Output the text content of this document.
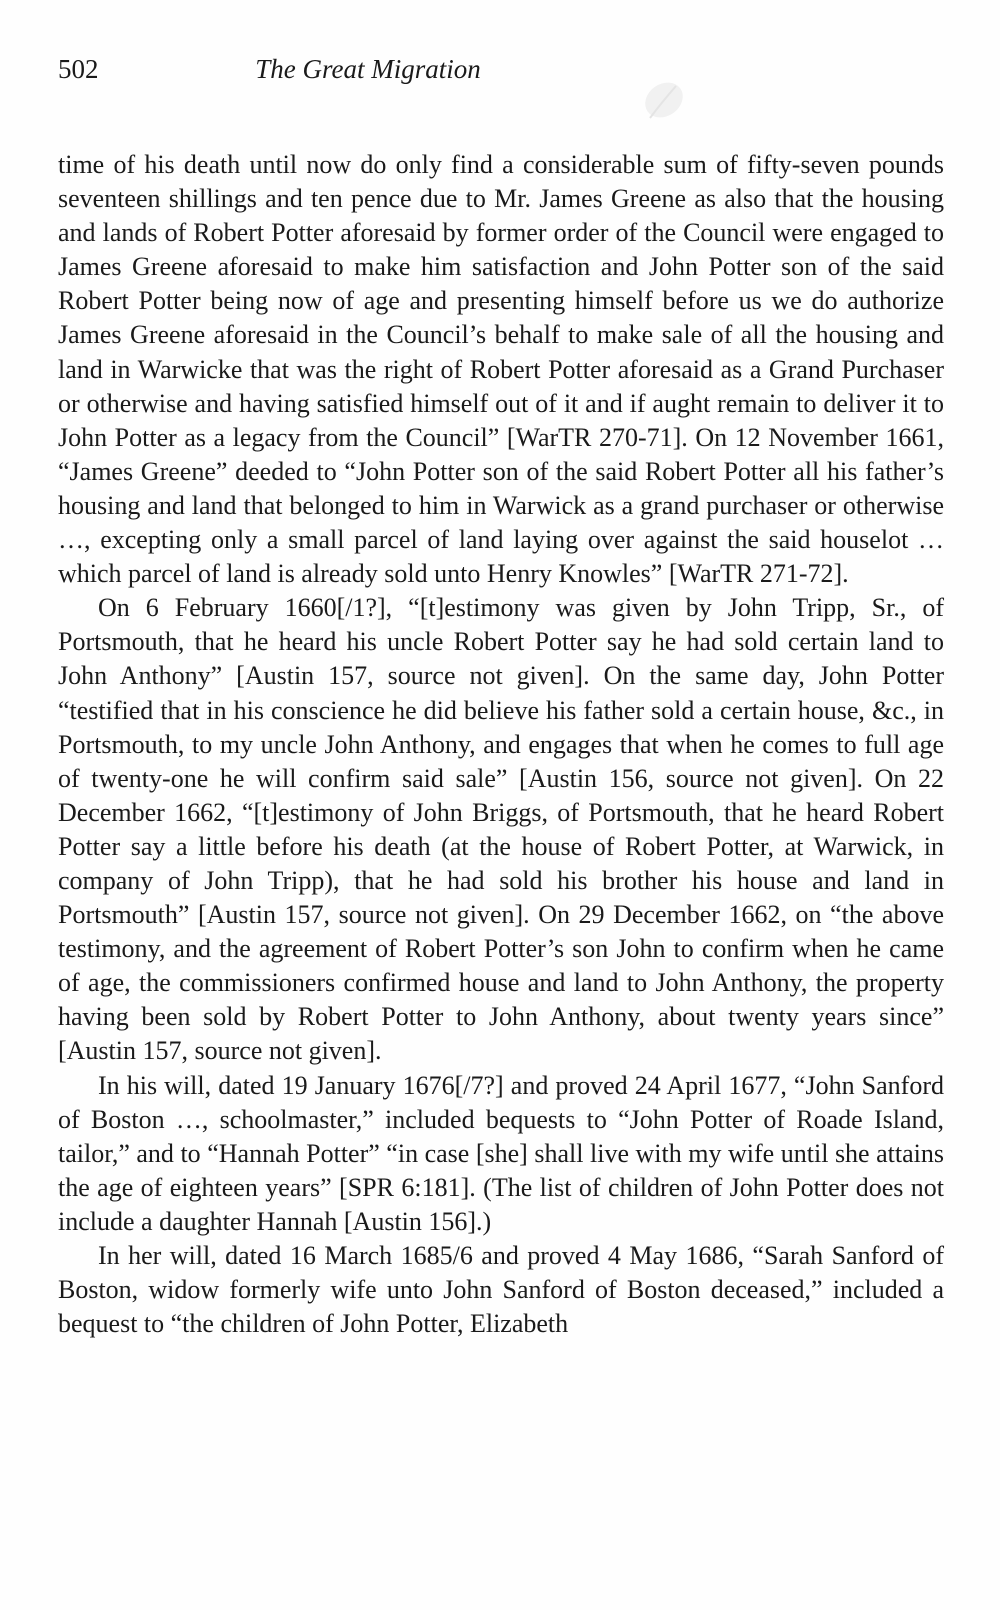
502	The Great Migration

time of his death until now do only find a considerable sum of fifty-seven pounds seventeen shillings and ten pence due to Mr. James Greene as also that the housing and lands of Robert Potter aforesaid by former order of the Council were engaged to James Greene aforesaid to make him satisfaction and John Potter son of the said Robert Potter being now of age and presenting himself before us we do authorize James Greene aforesaid in the Council’s behalf to make sale of all the housing and land in Warwicke that was the right of Robert Potter aforesaid as a Grand Purchaser or otherwise and having satisfied himself out of it and if aught remain to deliver it to John Potter as a legacy from the Council” [WarTR 270-71]. On 12 November 1661, “James Greene” deeded to “John Potter son of the said Robert Potter all his father’s housing and land that belonged to him in Warwick as a grand purchaser or otherwise …, excepting only a small parcel of land laying over against the said houselot … which parcel of land is already sold unto Henry Knowles” [WarTR 271-72].

On 6 February 1660[/1?], “[t]estimony was given by John Tripp, Sr., of Portsmouth, that he heard his uncle Robert Potter say he had sold certain land to John Anthony” [Austin 157, source not given]. On the same day, John Potter “testified that in his conscience he did believe his father sold a certain house, &c., in Portsmouth, to my uncle John Anthony, and engages that when he comes to full age of twenty-one he will confirm said sale” [Austin 156, source not given]. On 22 December 1662, “[t]estimony of John Briggs, of Portsmouth, that he heard Robert Potter say a little before his death (at the house of Robert Potter, at Warwick, in company of John Tripp), that he had sold his brother his house and land in Portsmouth” [Austin 157, source not given]. On 29 December 1662, on “the above testimony, and the agreement of Robert Potter’s son John to confirm when he came of age, the commissioners confirmed house and land to John Anthony, the property having been sold by Robert Potter to John Anthony, about twenty years since” [Austin 157, source not given].

In his will, dated 19 January 1676[/7?] and proved 24 April 1677, “John Sanford of Boston …, schoolmaster,” included bequests to “John Potter of Roade Island, tailor,” and to “Hannah Potter” “in case [she] shall live with my wife until she attains the age of eighteen years” [SPR 6:181]. (The list of children of John Potter does not include a daughter Hannah [Austin 156].)

In her will, dated 16 March 1685/6 and proved 4 May 1686, “Sarah Sanford of Boston, widow formerly wife unto John Sanford of Boston deceased,” included a bequest to “the children of John Potter, Elizabeth
